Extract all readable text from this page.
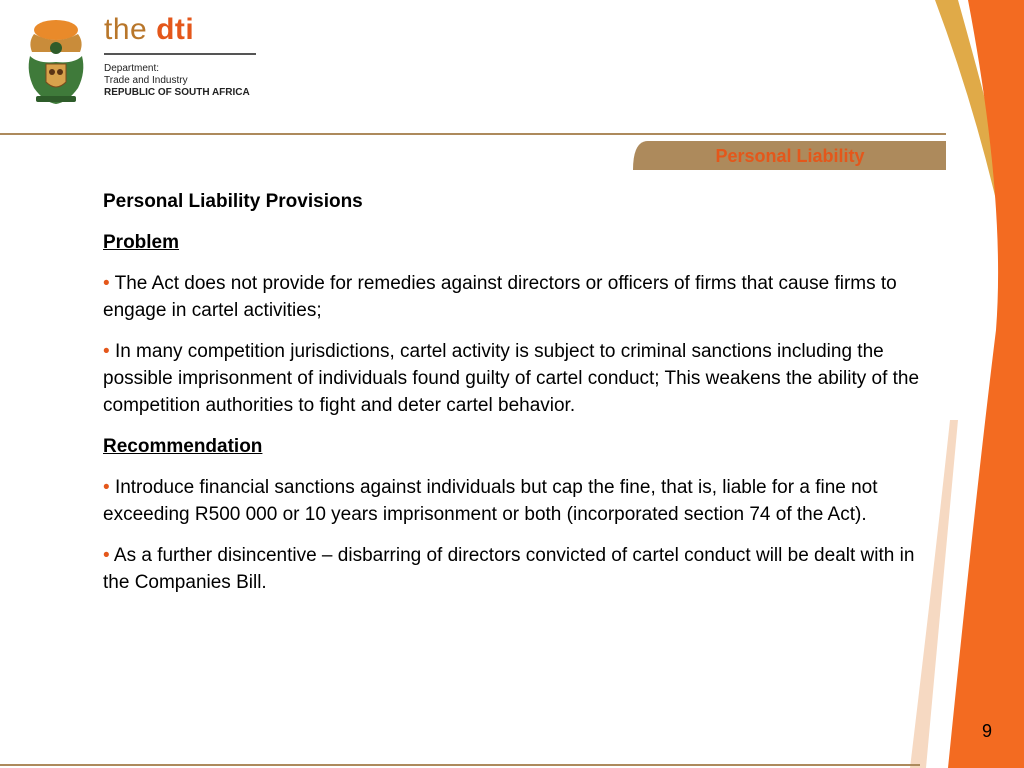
the dti
Department:
Trade and Industry
REPUBLIC OF SOUTH AFRICA
Personal Liability

Personal Liability Provisions

Problem

• The Act does not provide for remedies against directors or officers of firms that cause firms to engage in cartel activities;

• In many competition jurisdictions, cartel activity is subject to criminal sanctions including the possible imprisonment of individuals found guilty of cartel conduct; This weakens the ability of the competition authorities to fight and deter cartel behavior.

Recommendation

• Introduce financial sanctions against individuals but cap the fine, that is, liable for a fine not exceeding R500 000 or 10 years imprisonment or both (incorporated section 74 of the Act).

• As a further disincentive – disbarring of directors convicted of cartel conduct will be dealt with in the Companies Bill.

9
